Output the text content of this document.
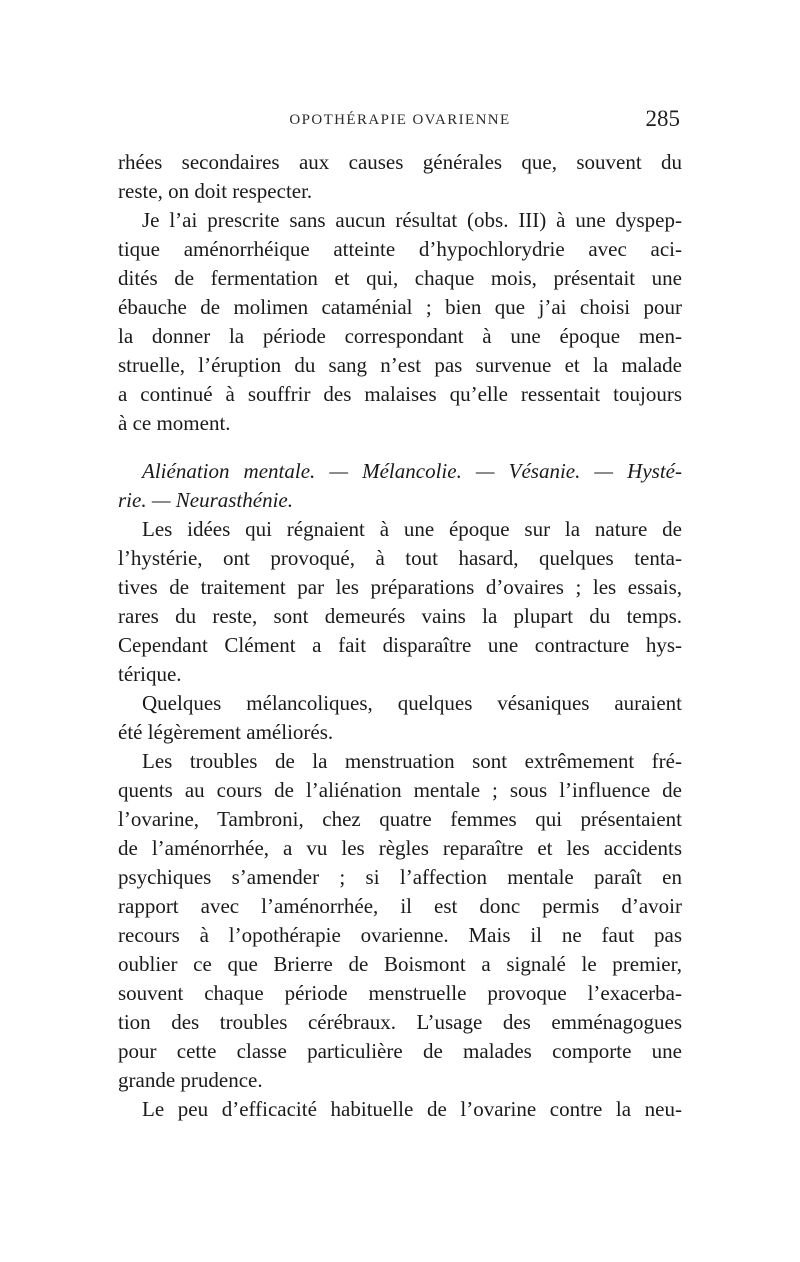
OPOTHÉRAPIE OVARIENNE	285
rhées secondaires aux causes générales que, souvent du
reste, on doit respecter.
Je l’ai prescrite sans aucun résultat (obs. III) à une dyspep-
tique aménorrhéique atteinte d’hypochlorydrie avec aci-
dités de fermentation et qui, chaque mois, présentait une
ébauche de molimen cataménial ; bien que j’ai choisi pour
la donner la période correspondant à une époque men-
struelle, l’éruption du sang n’est pas survenue et la malade
a continué à souffrir des malaises qu’elle ressentait toujours
à ce moment.
Aliénation mentale. — Mélancolie. — Vésanie. — Hysté-
rie. — Neurasthénie.
Les idées qui régnaient à une époque sur la nature de
l’hystérie, ont provoqué, à tout hasard, quelques tenta-
tives de traitement par les préparations d’ovaires ; les essais,
rares du reste, sont demeurés vains la plupart du temps.
Cependant Clément a fait disparaître une contracture hys-
térique.
Quelques mélancoliques, quelques vésaniques auraient
été légèrement améliorés.
Les troubles de la menstruation sont extrêmement fré-
quents au cours de l’aliénation mentale ; sous l’influence de
l’ovarine, Tambroni, chez quatre femmes qui présentaient
de l’aménorrhée, a vu les règles reparaître et les accidents
psychiques s’amender ; si l’affection mentale paraît en
rapport avec l’aménorrhée, il est donc permis d’avoir
recours à l’opothérapie ovarienne. Mais il ne faut pas
oublier ce que Brierre de Boismont a signalé le premier,
souvent chaque période menstruelle provoque l’exacerba-
tion des troubles cérébraux. L’usage des emménagogues
pour cette classe particulière de malades comporte une
grande prudence.
Le peu d’efficacité habituelle de l’ovarine contre la neu-
